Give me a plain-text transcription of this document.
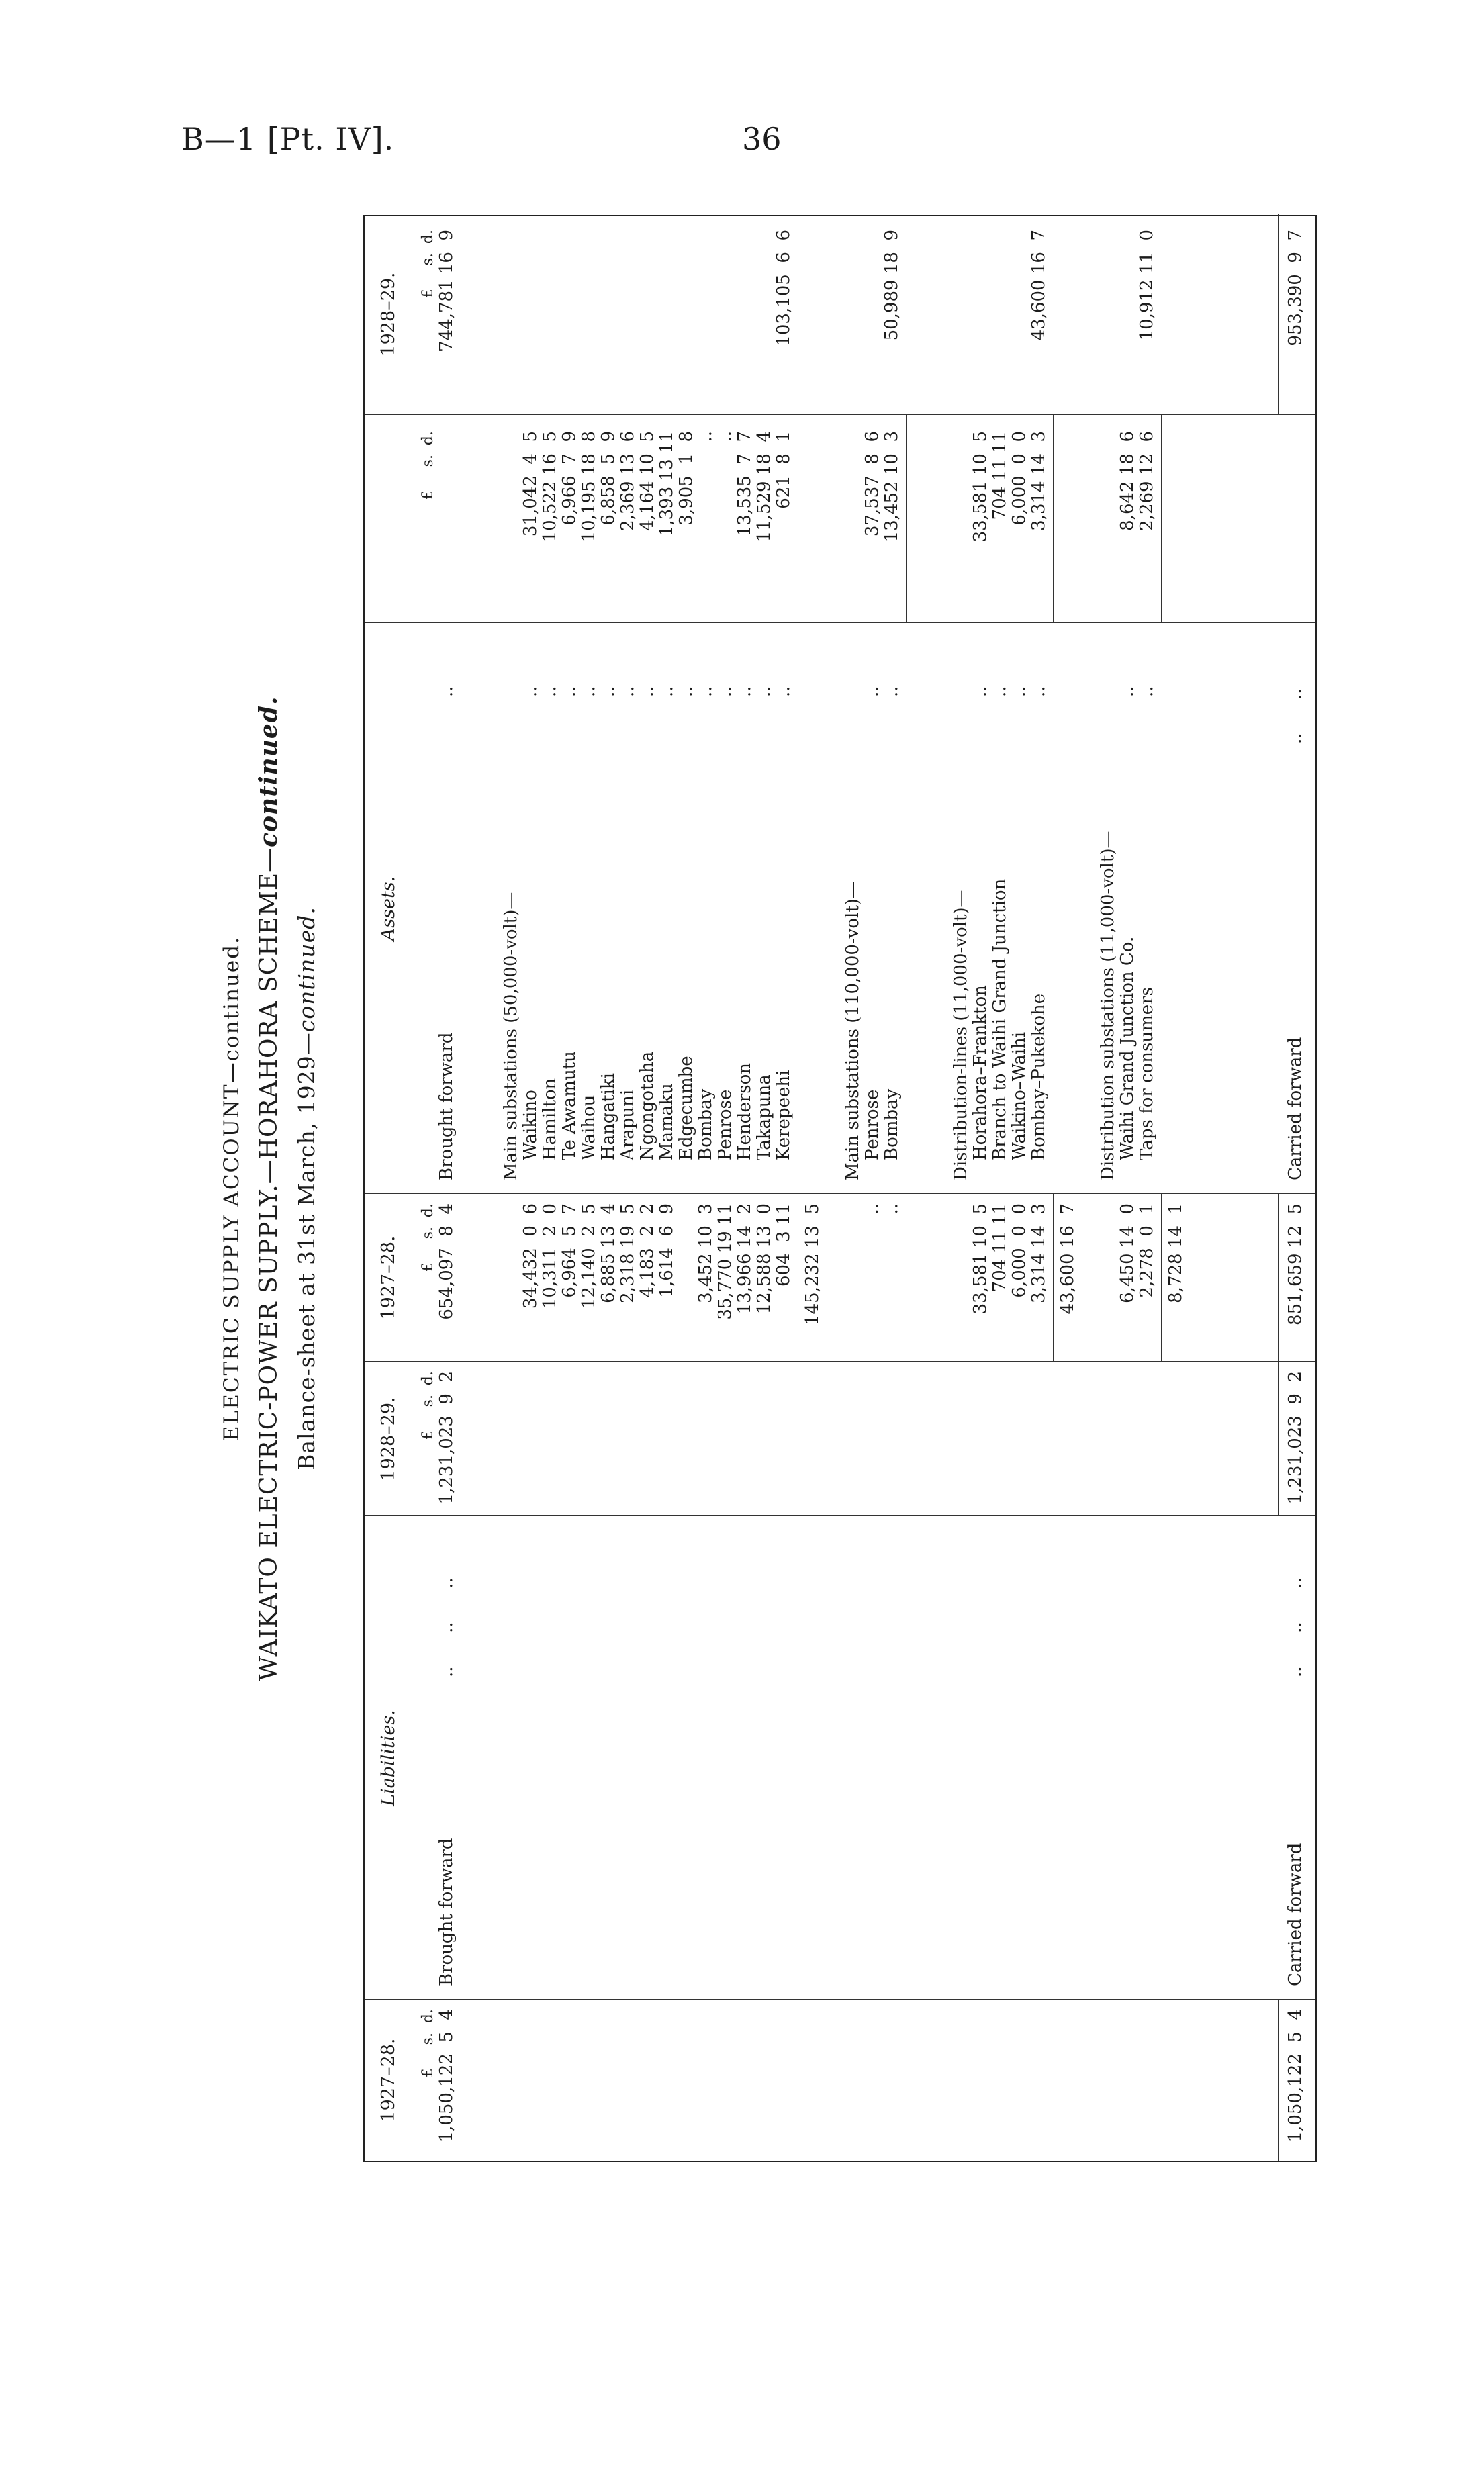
B—1 [Pt. IV].	36
ELECTRIC SUPPLY ACCOUNT—continued. WAIKATO ELECTRIC-POWER SUPPLY.—HORAHORA SCHEME—continued.
Balance-sheet at 31st March, 1929—continued.
1927–28.
Liabilities.
1928–29.
1927–28.
Assets.
1928–29.
£     s.  d.
£     s.  d.
£     s.  d.
£     s.  d.
£     s.  d.
1,050,122  5  4
Brought forward
..      ..      ..
1,231,023  9  2
654,097  8  4
Brought forward
..
744,781 16  9
Main substations (50,000-volt)—
34,432  0  6
Waikino
..
31,042  4  5
10,311  2  0
Hamilton
..
10,522 16  5
6,964  5  7
Te Awamutu
..
6,966  7  9
12,140  2  5
Waihou
..
10,195 18  8
6,885 13  4
Hangatiki
..
6,858  5  9
2,318 19  5
Arapuni
..
2,369 13  6
4,183  2  2
Ngongotaha
..
4,164 10  5
1,614  6  9
Mamaku
..
1,393 13 11
Edgecumbe
..
3,905  1  8
3,452 10  3
Bombay
..
..
35,770 19 11
Penrose
..
..
13,966 14  2
Henderson
..
13,535  7  7
12,588 13  0
Takapuna
..
11,529 18  4
604  3 11
Kerepeehi
..
621  8  1
145,232 13  5
103,105  6  6
Main substations (110,000-volt)—
..
Penrose
..
37,537  8  6
..
Bombay
..
13,452 10  3
50,989 18  9
Distribution-lines (11,000-volt)—
33,581 10  5
Horahora–Frankton
..
33,581 10  5
704 11 11
Branch to Waihi Grand Junction
..
704 11 11
6,000  0  0
Waikino–Waihi
..
6,000  0  0
3,314 14  3
Bombay–Pukekohe
..
3,314 14  3
43,600 16  7
43,600 16  7
Distribution substations (11,000-volt)—
6,450 14  0
Waihi Grand Junction Co.
..
8,642 18  6
2,278  0  1
Taps for consumers
..
2,269 12  6
8,728 14  1
10,912 11  0
1,050,122  5  4
Carried forward
..      ..      ..
1,231,023  9  2
851,659 12  5
Carried forward
..      ..
953,390  9  7
